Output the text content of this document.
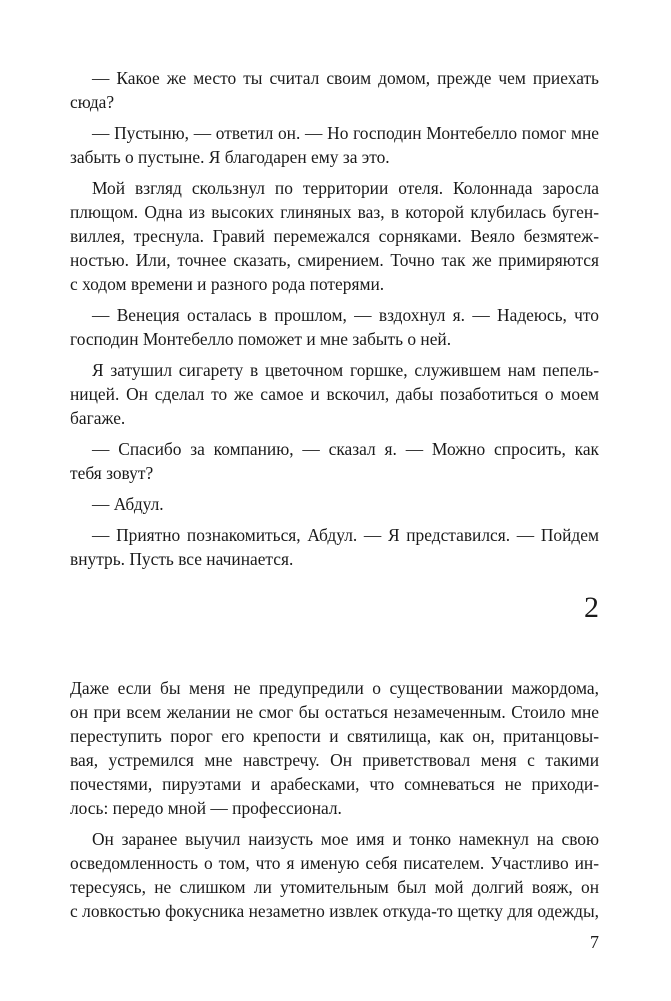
— Какое же место ты считал своим домом, прежде чем приехать
сюда?
— Пустыню, — ответил он. — Но господин Монтебелло помог мне
забыть о пустыне. Я благодарен ему за это.
Мой взгляд скользнул по территории отеля. Колоннада заросла
плющом. Одна из высоких глиняных ваз, в которой клубилась буген-
виллея, треснула. Гравий перемежался сорняками. Веяло безмятеж-
ностью. Или, точнее сказать, смирением. Точно так же примиряются
с ходом времени и разного рода потерями.
— Венеция осталась в прошлом, — вздохнул я. — Надеюсь, что
господин Монтебелло поможет и мне забыть о ней.
Я затушил сигарету в цветочном горшке, служившем нам пепель-
ницей. Он сделал то же самое и вскочил, дабы позаботиться о моем
багаже.
— Спасибо за компанию, — сказал я. — Можно спросить, как
тебя зовут?
— Абдул.
— Приятно познакомиться, Абдул. — Я представился. — Пойдем
внутрь. Пусть все начинается.
2
Даже если бы меня не предупредили о существовании мажордома,
он при всем желании не смог бы остаться незамеченным. Стоило мне
переступить порог его крепости и святилища, как он, пританцовы-
вая, устремился мне навстречу. Он приветствовал меня с такими
почестями, пируэтами и арабесками, что сомневаться не приходи-
лось: передо мной — профессионал.
Он заранее выучил наизусть мое имя и тонко намекнул на свою
осведомленность о том, что я именую себя писателем. Участливо ин-
тересуясь, не слишком ли утомительным был мой долгий вояж, он
с ловкостью фокусника незаметно извлек откуда-то щетку для одежды,
7
